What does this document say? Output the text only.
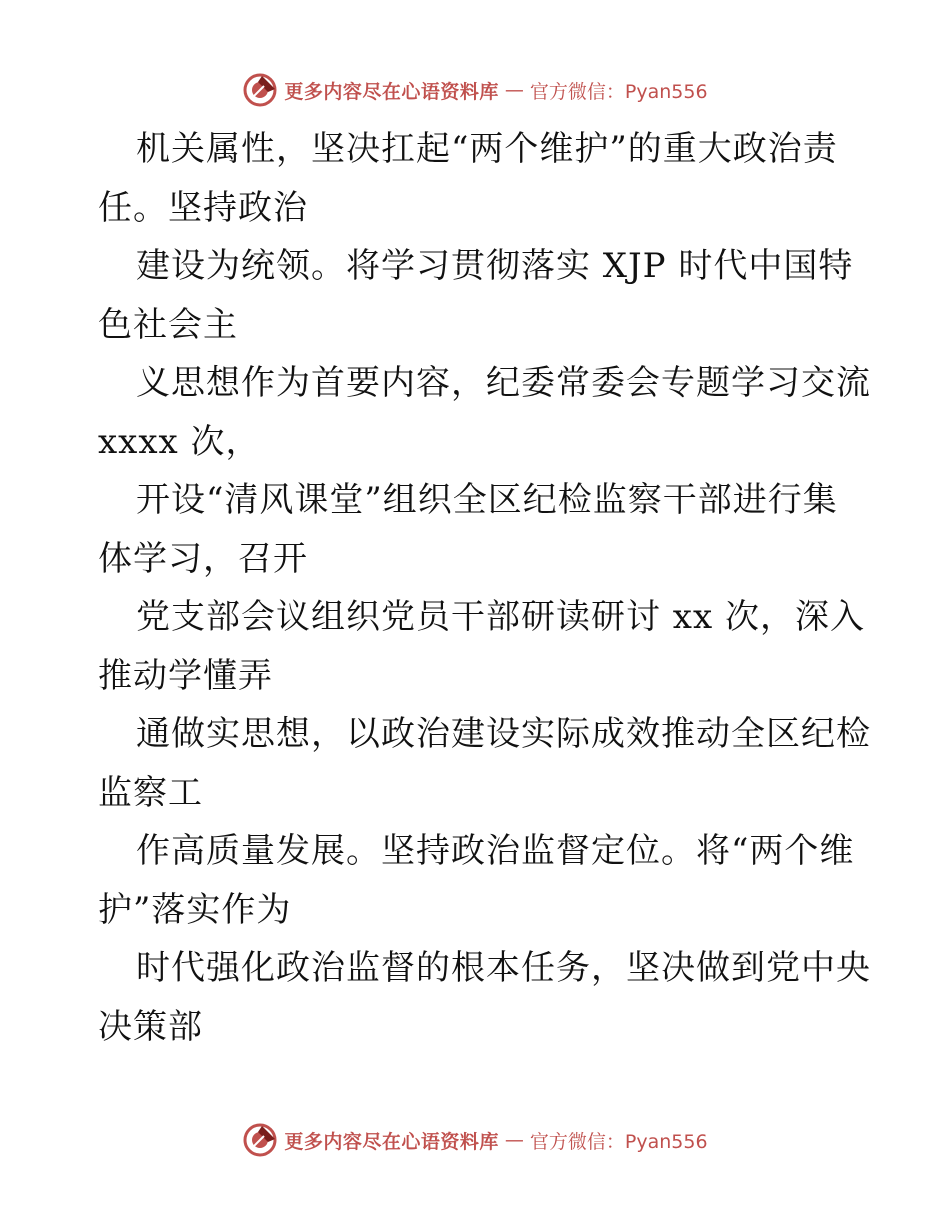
更多内容尽在心语资料库 — 官方微信：Pyan556
机关属性，坚决扛起“两个维护”的重大政治责
任。坚持政治
建设为统领。将学习贯彻落实 XJP 时代中国特
色社会主
义思想作为首要内容，纪委常委会专题学习交流
xxxx 次，
开设“清风课堂”组织全区纪检监察干部进行集
体学习，召开
党支部会议组织党员干部研读研讨 xx 次，深入
推动学懂弄
通做实思想，以政治建设实际成效推动全区纪检
监察工
作高质量发展。坚持政治监督定位。将“两个维
护”落实作为
时代强化政治监督的根本任务，坚决做到党中央
决策部
更多内容尽在心语资料库 — 官方微信：Pyan556
